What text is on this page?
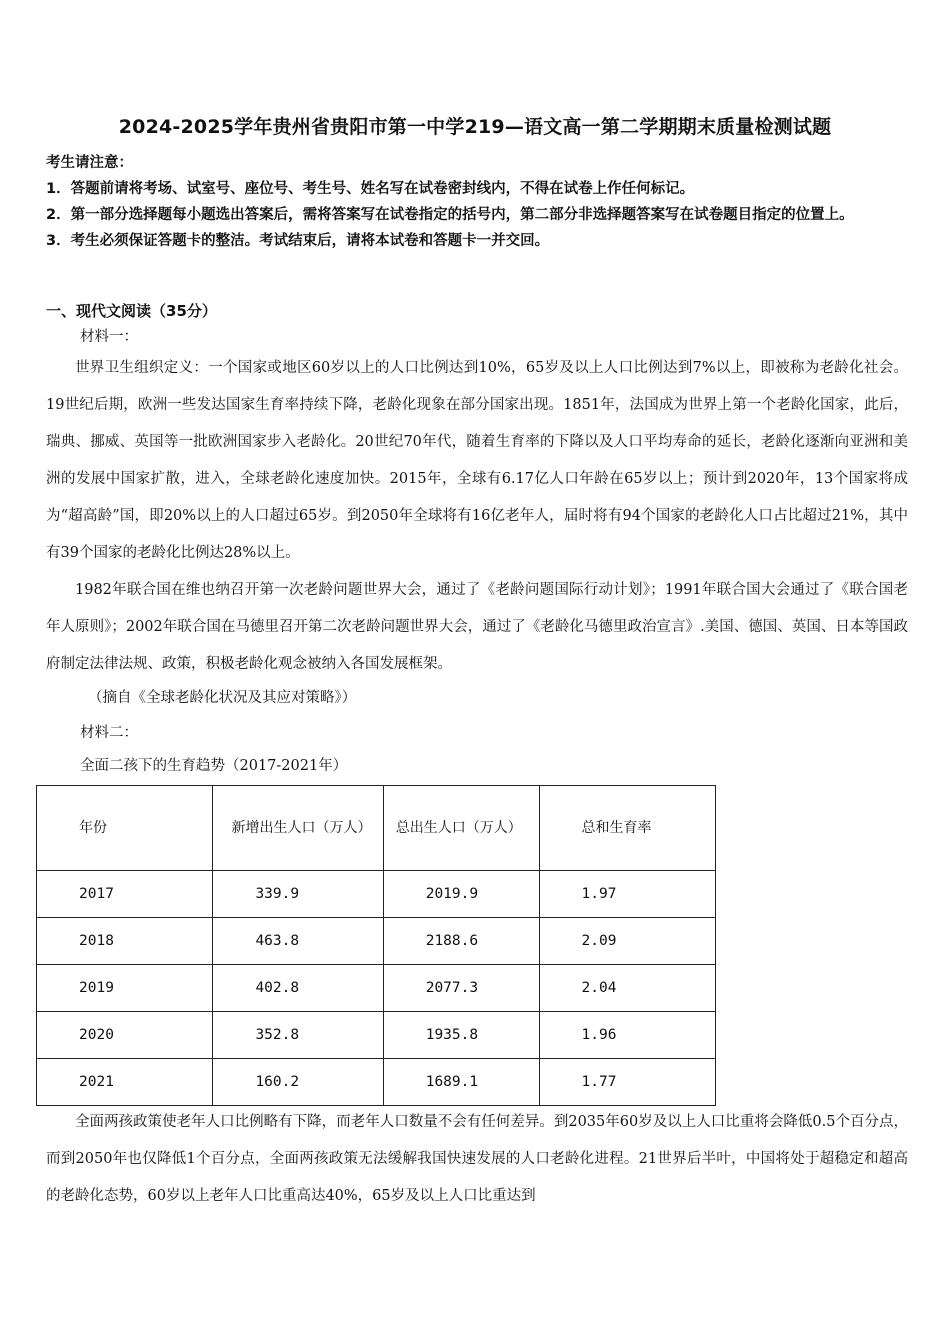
2024-2025学年贵州省贵阳市第一中学219—语文高一第二学期期末质量检测试题

考生请注意：

1．答题前请将考场、试室号、座位号、考生号、姓名写在试卷密封线内，不得在试卷上作任何标记。

2．第一部分选择题每小题选出答案后，需将答案写在试卷指定的括号内，第二部分非选择题答案写在试卷题目指定的位置上。

3．考生必须保证答题卡的整洁。考试结束后，请将本试卷和答题卡一并交回。

一、现代文阅读（35分）
材料一：

世界卫生组织定义：一个国家或地区60岁以上的人口比例达到10%，65岁及以上人口比例达到7%以上，即被称为老龄化社会。19世纪后期，欧洲一些发达国家生育率持续下降，老龄化现象在部分国家出现。1851年，法国成为世界上第一个老龄化国家，此后，瑞典、挪威、英国等一批欧洲国家步入老龄化。20世纪70年代，随着生育率的下降以及人口平均寿命的延长，老龄化逐渐向亚洲和美洲的发展中国家扩散，进入，全球老龄化速度加快。2015年，全球有6.17亿人口年龄在65岁以上；预计到2020年，13个国家将成为“超高龄”国，即20%以上的人口超过65岁。到2050年全球将有16亿老年人，届时将有94个国家的老龄化人口占比超过21%，其中有39个国家的老龄化比例达28%以上。

1982年联合国在维也纳召开第一次老龄问题世界大会，通过了《老龄问题国际行动计划》；1991年联合国大会通过了《联合国老年人原则》；2002年联合国在马德里召开第二次老龄问题世界大会，通过了《老龄化马德里政治宣言》.美国、德国、英国、日本等国政府制定法律法规、政策，积极老龄化观念被纳入各国发展框架。

（摘自《全球老龄化状况及其应对策略》）
材料二：
全面二孩下的生育趋势（2017-2021年）
年份	新增出生人口（万人）	总出生人口（万人）	总和生育率
2017	339.9	2019.9	1.97
2018	463.8	2188.6	2.09
2019	402.8	2077.3	2.04
2020	352.8	1935.8	1.96
2021	160.2	1689.1	1.77

全面两孩政策使老年人口比例略有下降，而老年人口数量不会有任何差异。到2035年60岁及以上人口比重将会降低0.5个百分点，而到2050年也仅降低1个百分点，全面两孩政策无法缓解我国快速发展的人口老龄化进程。21世界后半叶，中国将处于超稳定和超高的老龄化态势，60岁以上老年人口比重高达40%，65岁及以上人口比重达到
